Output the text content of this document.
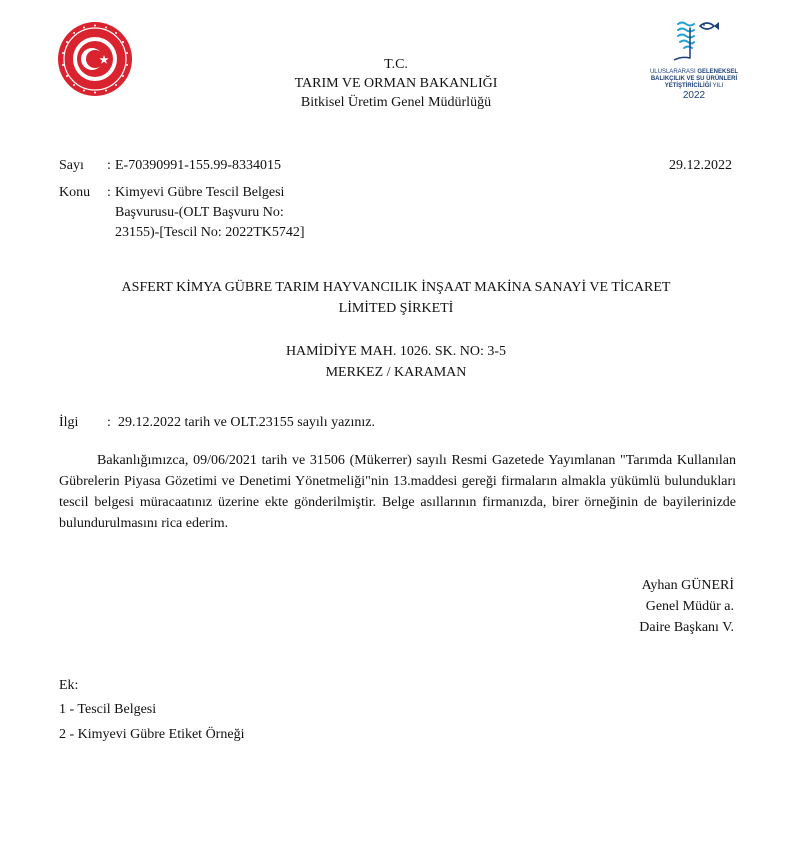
T.C.
TARIM VE ORMAN BAKANLIĞI
Bitkisel Üretim Genel Müdürlüğü
ULUSLARARASI GELENEKSEL
BALIKÇILIK VE SU ÜRÜNLERİ
YETİŞTİRİCİLİĞİ YILI
2022
Sayı	: E-70390991-155.99-8334015	29.12.2022
Konu	: Kimyevi Gübre Tescil Belgesi
Başvurusu-(OLT Başvuru No:
23155)-[Tescil No: 2022TK5742]
ASFERT KİMYA GÜBRE TARIM HAYVANCILIK İNŞAAT MAKİNA SANAYİ VE TİCARET
LİMİTED ŞİRKETİ
HAMİDİYE MAH. 1026. SK. NO: 3-5
MERKEZ / KARAMAN
İlgi	: 29.12.2022 tarih ve OLT.23155 sayılı yazınız.
Bakanlığımızca, 09/06/2021 tarih ve 31506 (Mükerrer) sayılı Resmi Gazetede Yayımlanan "Tarımda Kullanılan Gübrelerin Piyasa Gözetimi ve Denetimi Yönetmeliği"nin 13.maddesi gereği firmaların almakla yükümlü bulundukları tescil belgesi müracaatınız üzerine ekte gönderilmiştir. Belge asıllarının firmanızda, birer örneğinin de bayilerinizde bulundurulmasını rica ederim.
Ayhan GÜNERİ
Genel Müdür a.
Daire Başkanı V.
Ek:
1 - Tescil Belgesi
2 - Kimyevi Gübre Etiket Örneği
